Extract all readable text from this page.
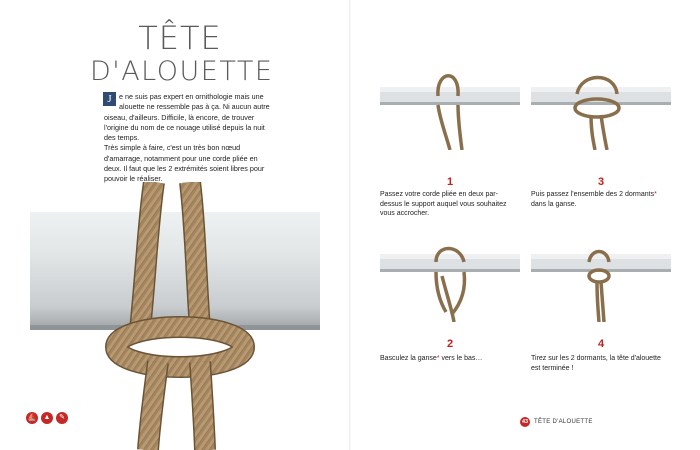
TÊTE
D'ALOUETTE
J	e ne suis pas expert en ornithologie mais une alouette ne ressemble pas à ça. Ni aucun autre oiseau, d'ailleurs. Difficile, là encore, de trouver l'origine du nom de ce nouage utilisé depuis la nuit des temps.

Très simple à faire, c'est un très bon nœud d'amarrage, notamment pour une corde pliée en deux. Il faut que les 2 extrémités soient libres pour pouvoir le réaliser.

⛵	▲	✎
1
Passez votre corde pliée en deux par-dessus le support auquel vous souhaitez vous accrocher.
3
Puis passez l'ensemble des 2 dormants* dans la ganse.
2
Basculez la ganse* vers le bas…
4
Tirez sur les 2 dormants, la tête d'alouette est terminée !
43 TÊTE D'ALOUETTE
